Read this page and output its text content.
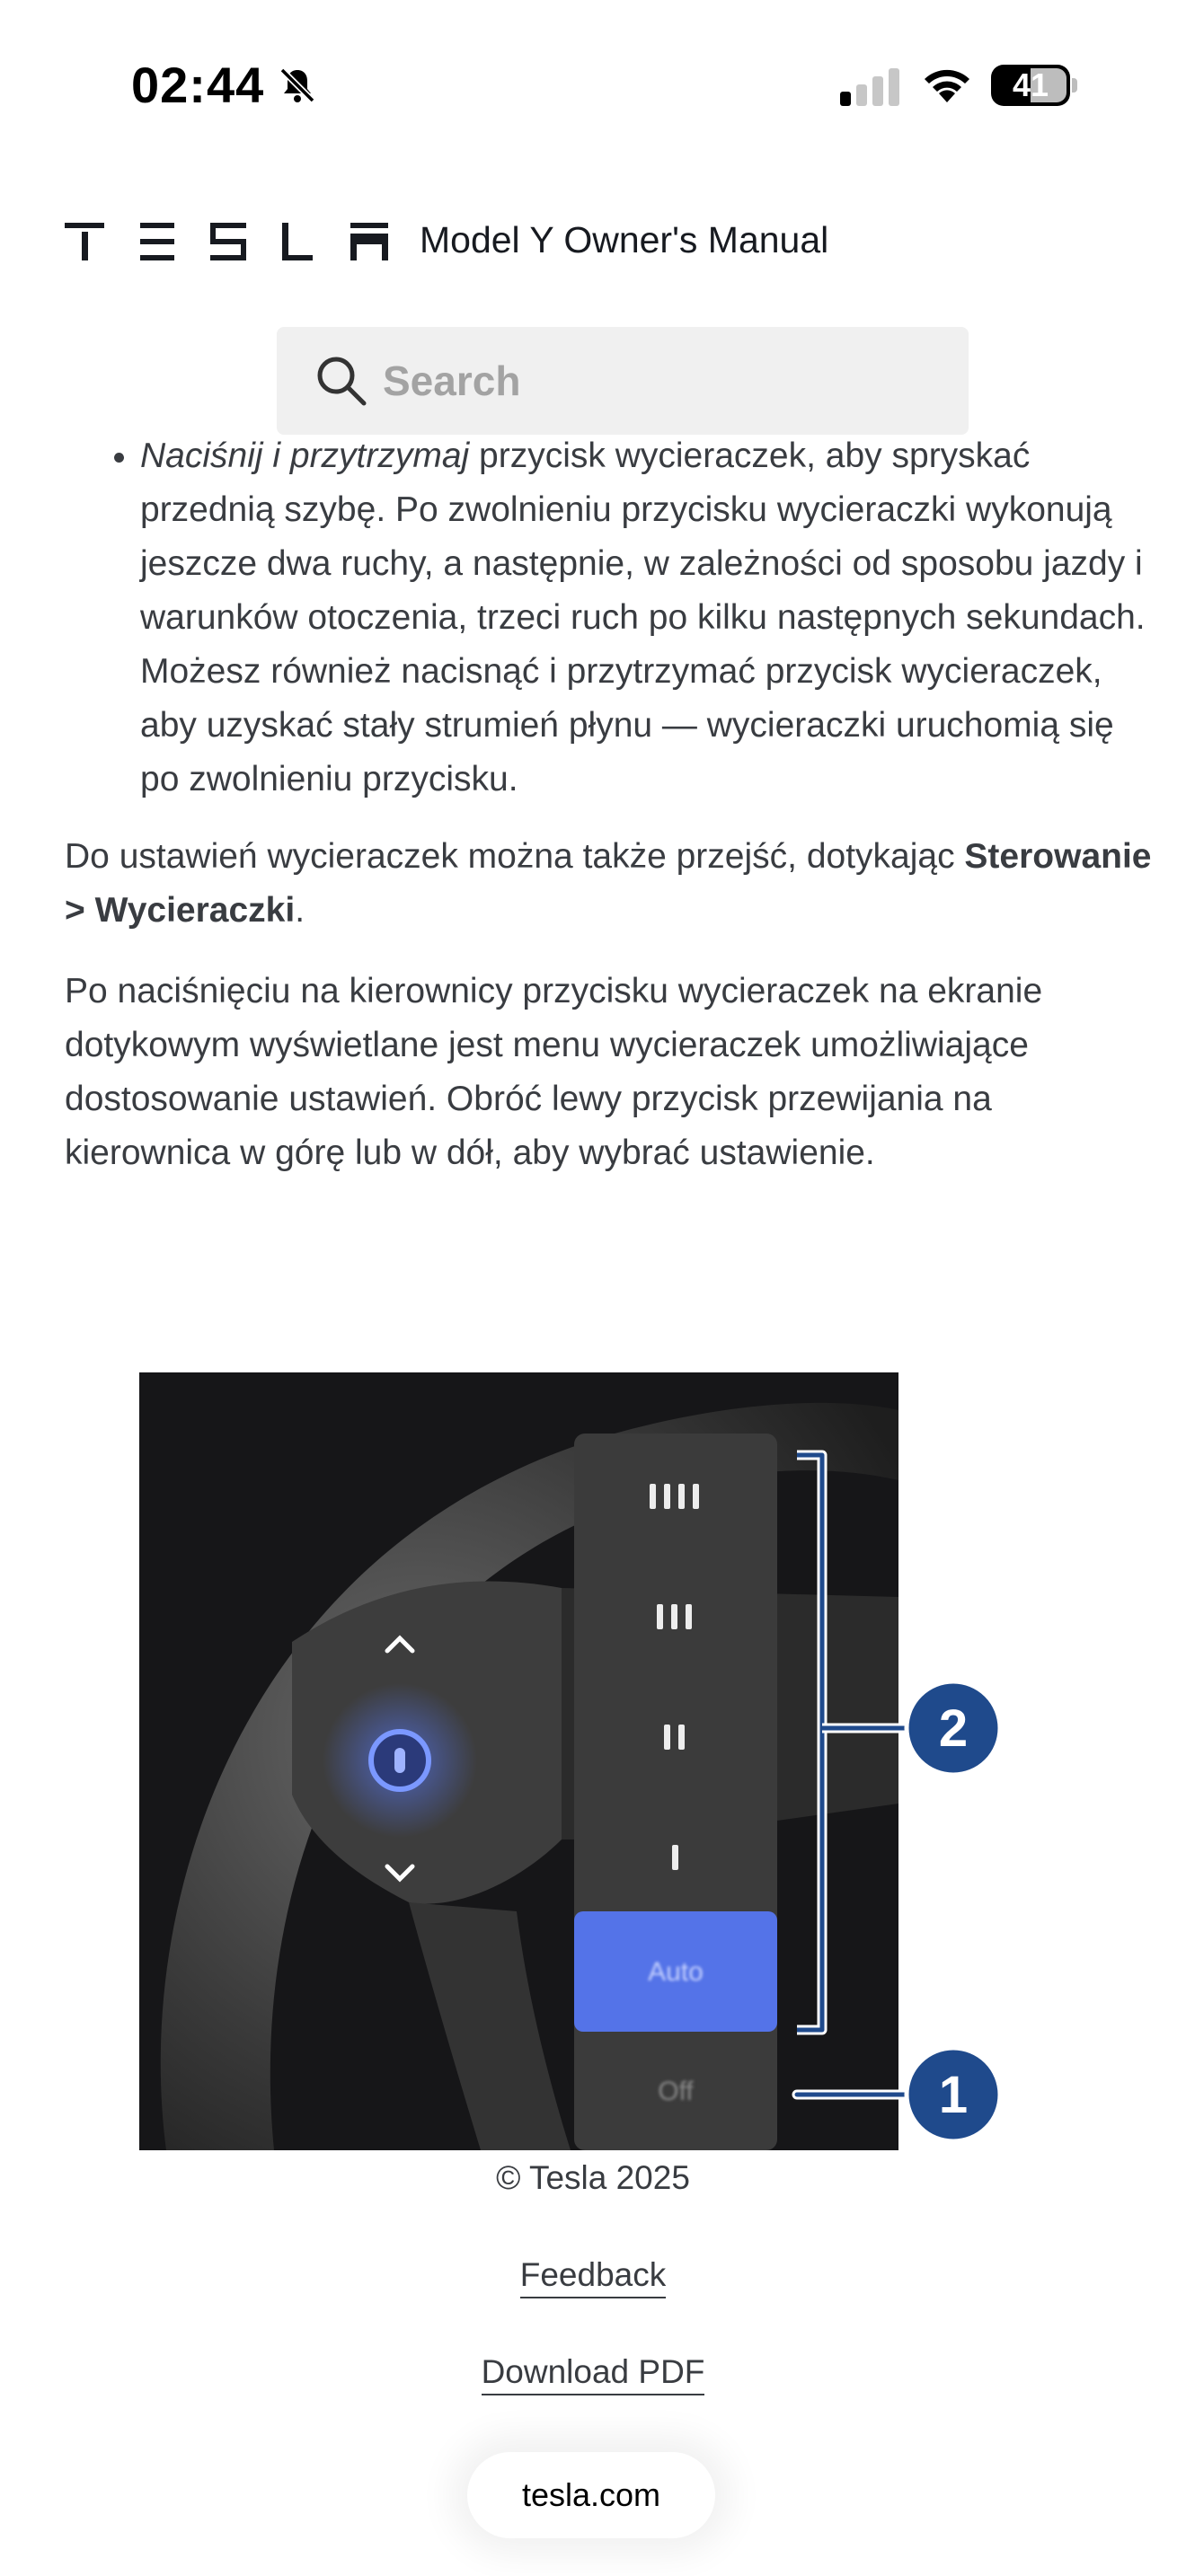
02:44	41
Model Y Owner's Manual
Search
• Naciśnij i przytrzymaj przycisk wycieraczek, aby spryskać przednią szybę. Po zwolnieniu przycisku wycieraczki wykonują jeszcze dwa ruchy, a następnie, w zależności od sposobu jazdy i warunków otoczenia, trzeci ruch po kilku następnych sekundach. Możesz również nacisnąć i przytrzymać przycisk wycieraczek, aby uzyskać stały strumień płynu — wycieraczki uruchomią się po zwolnieniu przycisku.

Do ustawień wycieraczek można także przejść, dotykając Sterowanie > Wycieraczki.

Po naciśnięciu na kierownicy przycisku wycieraczek na ekranie dotykowym wyświetlane jest menu wycieraczek umożliwiające dostosowanie ustawień. Obróć lewy przycisk przewijania na kierownica w górę lub w dół, aby wybrać ustawienie.

Auto
Off
2
1
© Tesla 2025
Feedback
Download PDF
tesla.com
